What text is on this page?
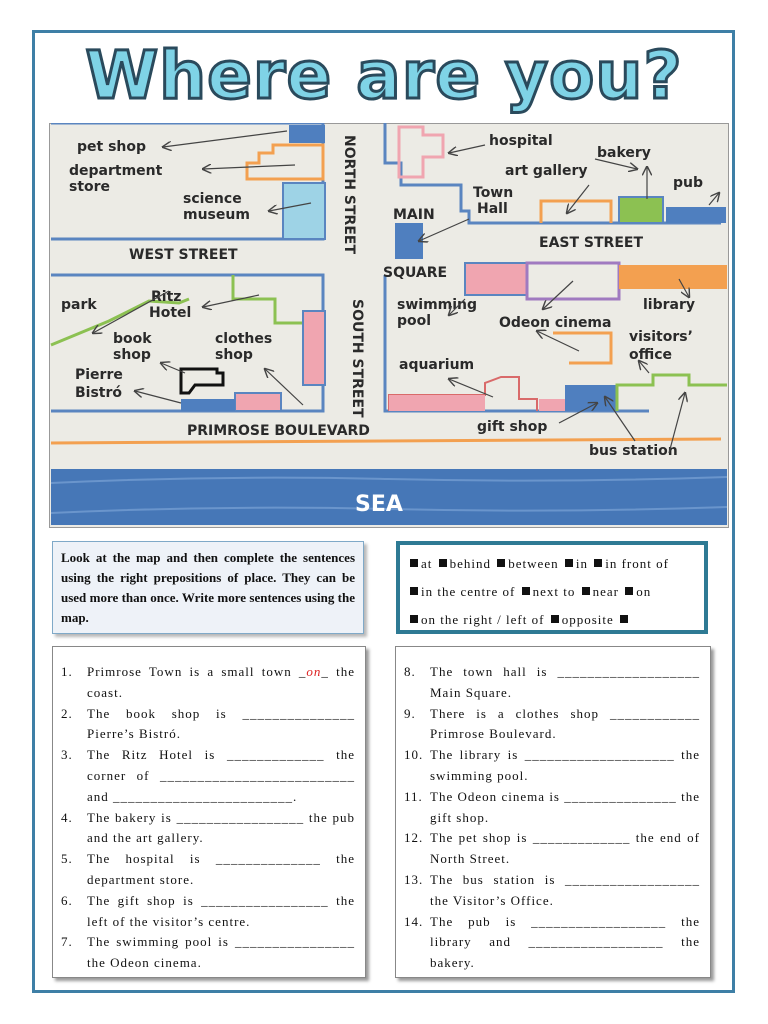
Where are you?
pet shop
department
store
science
museum	NORTH STREET	hospital
art gallery
bakery
pub
Town
Hall
MAIN
WEST STREET
EAST STREET
SQUARE
park	Ritz
Hotel
book
shop
clothes
shop
Pierre
Bistró	SOUTH STREET swimming
pool	Odeon cinema
library
visitors’
office
aquarium
gift shop
PRIMROSE BOULEVARD
bus station
SEA
Look at the map and then complete the sentences using the right prepositions of place. They can be used more than once. Write more sentences using the map.
at behind between in in front of in the centre of next to near on on the right / left of opposite
1. Primrose Town is a small town _on_ the coast.
2. The book shop is _______________ Pierre’s Bistró.
3. The Ritz Hotel is _____________ the corner of __________________________ and ________________________.
4. The bakery is _________________ the pub and the art gallery.
5. The hospital is ______________ the department store.
6. The gift shop is _________________ the left of the visitor’s centre.
7. The swimming pool is ________________ the Odeon cinema.
8. The town hall is ___________________ Main Square.
9. There is a clothes shop ____________ Primrose Boulevard.
10. The library is ____________________ the swimming pool.
11. The Odeon cinema is _______________ the gift shop.
12. The pet shop is _____________ the end of North Street.
13. The bus station is __________________ the Visitor’s Office.
14. The pub is __________________ the library and __________________ the bakery.
